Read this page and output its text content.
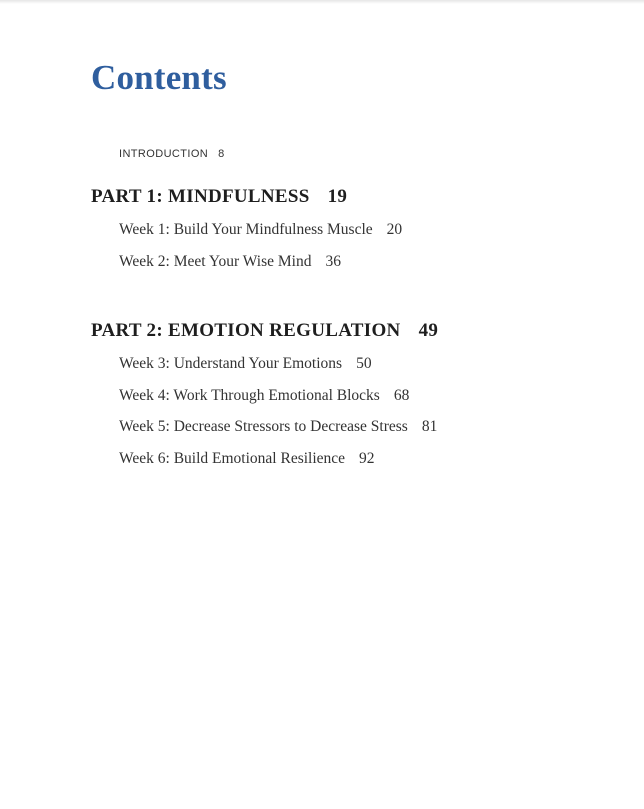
Contents
INTRODUCTION 8
PART 1: MINDFULNESS 19
Week 1: Build Your Mindfulness Muscle 20
Week 2: Meet Your Wise Mind 36
PART 2: EMOTION REGULATION 49
Week 3: Understand Your Emotions 50
Week 4: Work Through Emotional Blocks 68
Week 5: Decrease Stressors to Decrease Stress 81
Week 6: Build Emotional Resilience 92
